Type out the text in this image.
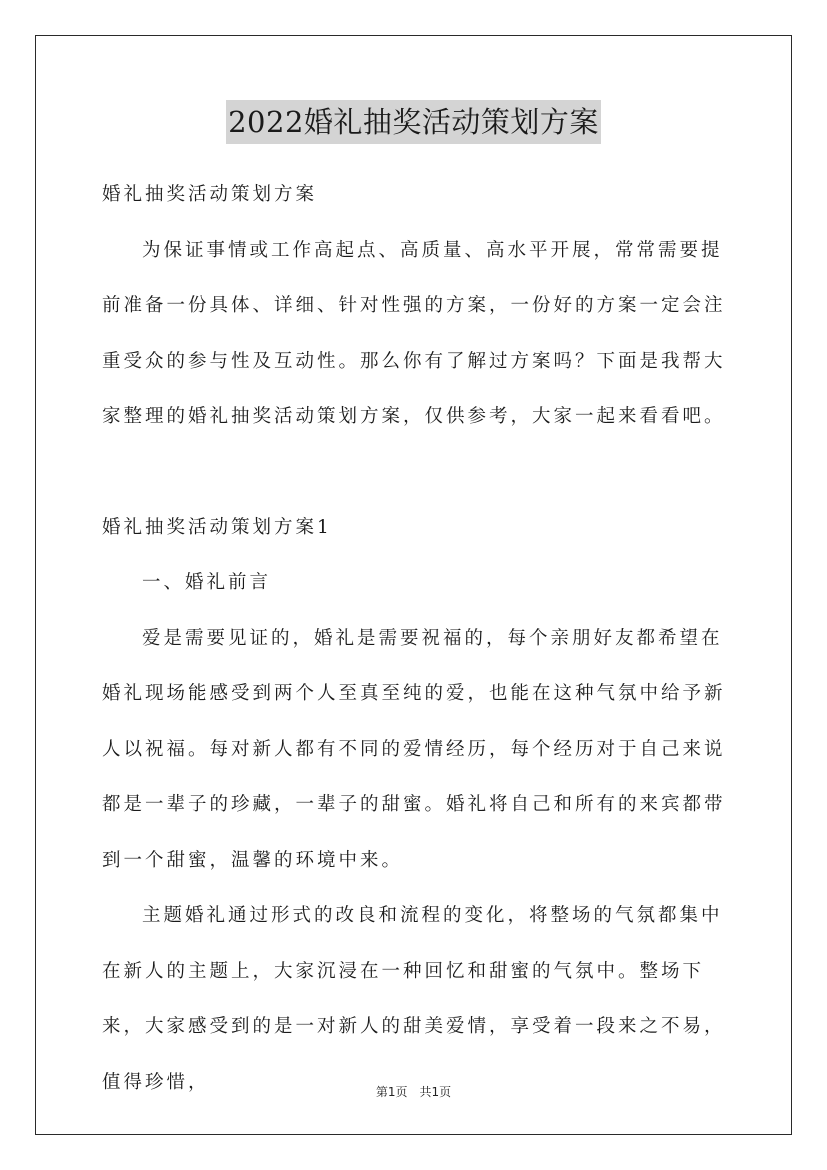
2022婚礼抽奖活动策划方案

婚礼抽奖活动策划方案

为保证事情或工作高起点、高质量、高水平开展，常常需要提前准备一份具体、详细、针对性强的方案，一份好的方案一定会注重受众的参与性及互动性。那么你有了解过方案吗？下面是我帮大家整理的婚礼抽奖活动策划方案，仅供参考，大家一起来看看吧。

婚礼抽奖活动策划方案1

一、婚礼前言

爱是需要见证的，婚礼是需要祝福的，每个亲朋好友都希望在婚礼现场能感受到两个人至真至纯的爱，也能在这种气氛中给予新人以祝福。每对新人都有不同的爱情经历，每个经历对于自己来说都是一辈子的珍藏，一辈子的甜蜜。婚礼将自己和所有的来宾都带到一个甜蜜，温馨的环境中来。

主题婚礼通过形式的改良和流程的变化，将整场的气氛都集中在新人的主题上，大家沉浸在一种回忆和甜蜜的气氛中。整场下来，大家感受到的是一对新人的甜美爱情，享受着一段来之不易，值得珍惜，	第1页　共1页
